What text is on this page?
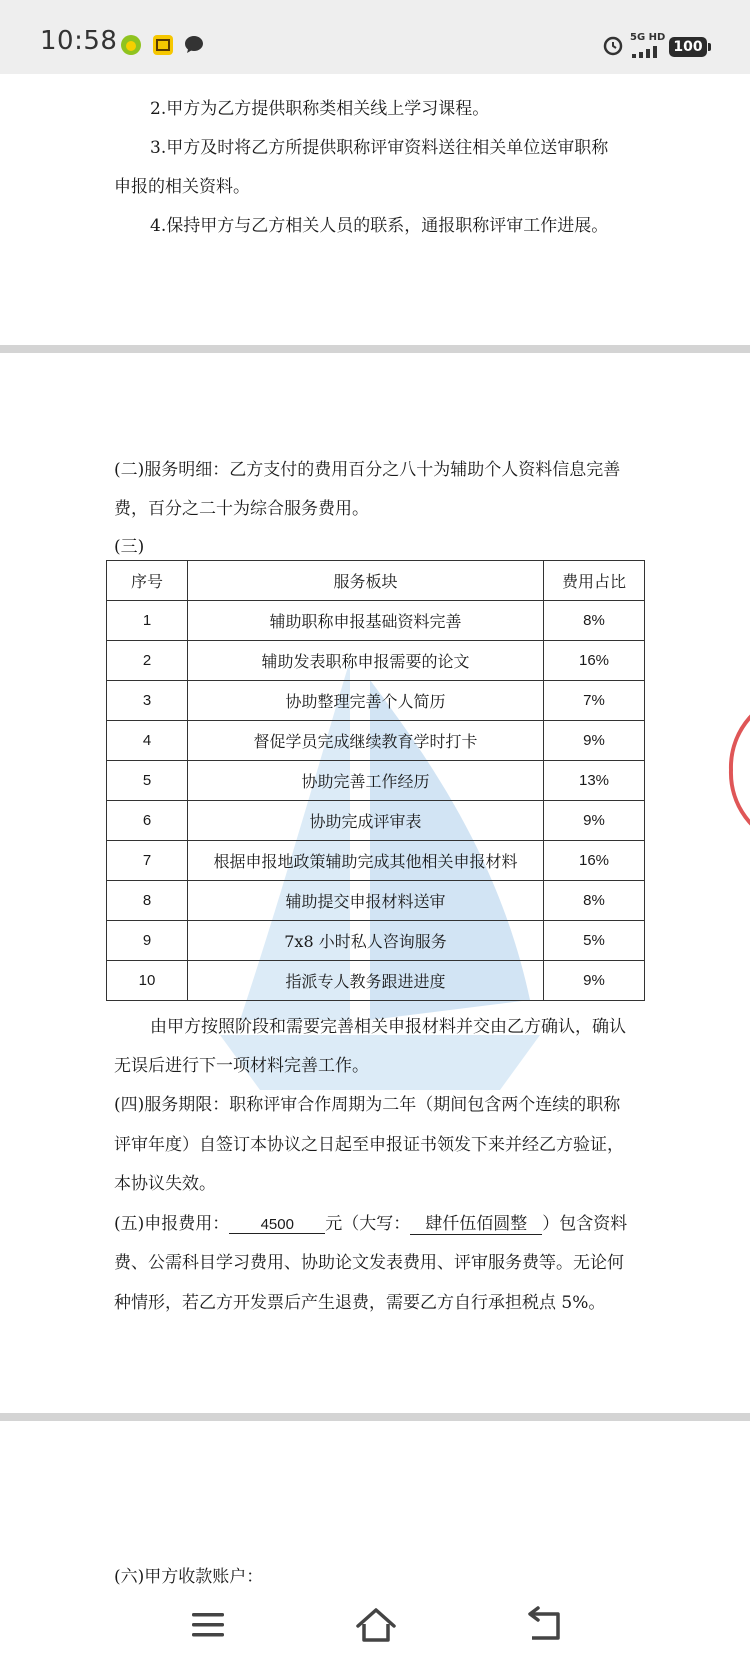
10:58	5G HD
100
2.甲方为乙方提供职称类相关线上学习课程。
3.甲方及时将乙方所提供职称评审资料送往相关单位送审职称
申报的相关资料。
4.保持甲方与乙方相关人员的联系，通报职称评审工作进展。
(二)服务明细：乙方支付的费用百分之八十为辅助个人资料信息完善
费，百分之二十为综合服务费用。
(三)
序号	服务板块	费用占比
1	辅助职称申报基础资料完善	8%
2	辅助发表职称申报需要的论文	16%
3	协助整理完善个人简历	7%
4	督促学员完成继续教育学时打卡	9%
5	协助完善工作经历	13%
6	协助完成评审表	9%
7	根据申报地政策辅助完成其他相关申报材料	16%
8	辅助提交申报材料送审	8%
9	7x8 小时私人咨询服务	5%
10	指派专人教务跟进进度	9%
由甲方按照阶段和需要完善相关申报材料并交由乙方确认，确认
无误后进行下一项材料完善工作。
(四)服务期限：职称评审合作周期为二年（期间包含两个连续的职称
评审年度）自签订本协议之日起至申报证书领发下来并经乙方验证，
本协议失效。
(五)申报费用： 4500 元（大写： 肆仟伍佰圆整 ）包含资料
费、公需科目学习费用、协助论文发表费用、评审服务费等。无论何
种情形，若乙方开发票后产生退费，需要乙方自行承担税点 5%。
(六)甲方收款账户：
